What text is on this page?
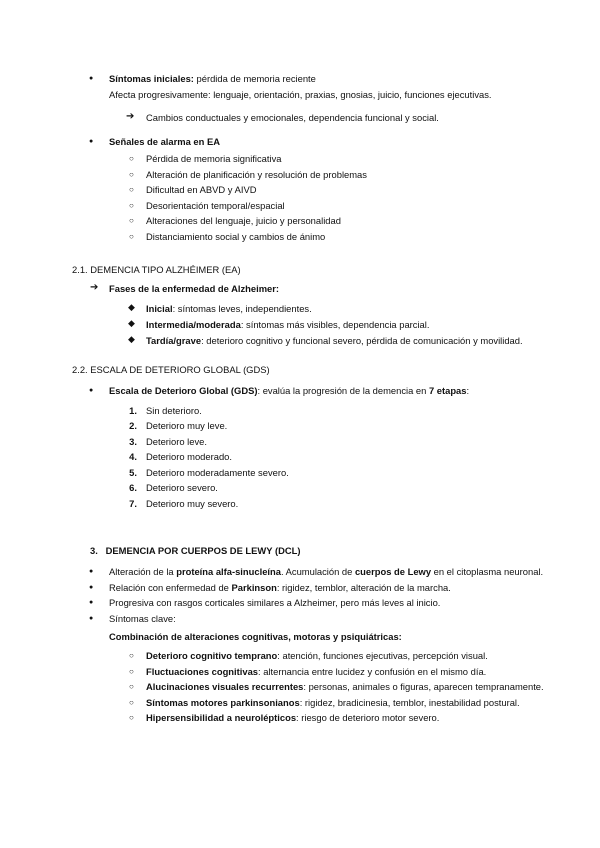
● Síntomas iniciales: pérdida de memoria reciente
Afecta progresivamente: lenguaje, orientación, praxias, gnosias, juicio, funciones ejecutivas.
➔ Cambios conductuales y emocionales, dependencia funcional y social.
● Señales de alarma en EA
○ Pérdida de memoria significativa
○ Alteración de planificación y resolución de problemas
○ Dificultad en ABVD y AIVD
○ Desorientación temporal/espacial
○ Alteraciones del lenguaje, juicio y personalidad
○ Distanciamiento social y cambios de ánimo
2.1. DEMENCIA TIPO ALZHÉIMER (EA)
➔ Fases de la enfermedad de Alzheimer:
◆ Inicial: síntomas leves, independientes.
◆ Intermedia/moderada: síntomas más visibles, dependencia parcial.
◆ Tardía/grave: deterioro cognitivo y funcional severo, pérdida de comunicación y movilidad.
2.2. ESCALA DE DETERIORO GLOBAL (GDS)
● Escala de Deterioro Global (GDS): evalúa la progresión de la demencia en 7 etapas:
1. Sin deterioro.
2. Deterioro muy leve.
3. Deterioro leve.
4. Deterioro moderado.
5. Deterioro moderadamente severo.
6. Deterioro severo.
7. Deterioro muy severo.
3. DEMENCIA POR CUERPOS DE LEWY (DCL)
● Alteración de la proteína alfa-sinucleína. Acumulación de cuerpos de Lewy en el citoplasma neuronal.
● Relación con enfermedad de Parkinson: rigidez, temblor, alteración de la marcha.
● Progresiva con rasgos corticales similares a Alzheimer, pero más leves al inicio.
● Síntomas clave:
Combinación de alteraciones cognitivas, motoras y psiquiátricas:
○ Deterioro cognitivo temprano: atención, funciones ejecutivas, percepción visual.
○ Fluctuaciones cognitivas: alternancia entre lucidez y confusión en el mismo día.
○ Alucinaciones visuales recurrentes: personas, animales o figuras, aparecen tempranamente.
○ Síntomas motores parkinsonianos: rigidez, bradicinesia, temblor, inestabilidad postural.
○ Hipersensibilidad a neurolépticos: riesgo de deterioro motor severo.
